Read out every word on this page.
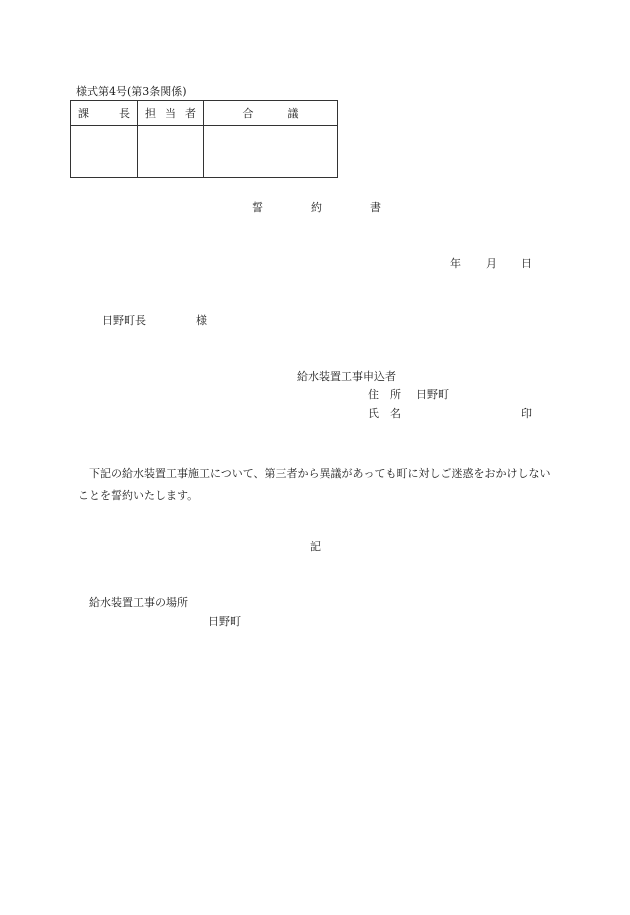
様式第4号(第3条関係)
課 長	担 当 者	合 議

誓	約	書
年 月 日
日野町長	様
給水装置工事申込者
住　所 日野町
氏　名	印
下記の給水装置工事施工について、第三者から異議があっても町に対しご迷惑をおかけしないことを誓約いたします。
記
給水装置工事の場所
日野町
